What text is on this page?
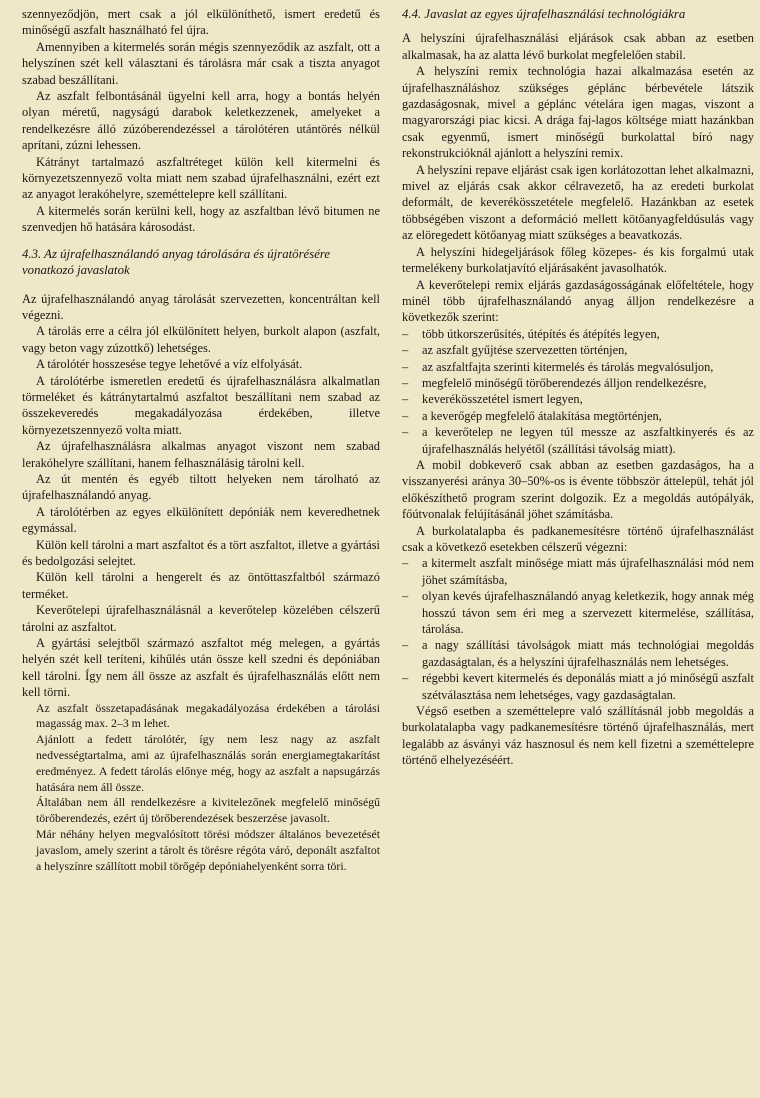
szennyeződjön, mert csak a jól elkülöníthető, ismert eredetű és minőségű aszfalt használható fel újra.
Amennyiben a kitermelés során mégis szennyeződik az aszfalt, ott a helyszínen szét kell választani és tárolásra már csak a tiszta anyagot szabad beszállítani.
Az aszfalt felbontásánál ügyelni kell arra, hogy a bontás helyén olyan méretű, nagyságú darabok keletkezzenek, amelyeket a rendelkezésre álló zúzóberendezéssel a tárolótéren utántörés nélkül aprítani, zúzni lehessen.
Kátrányt tartalmazó aszfaltréteget külön kell kitermelni és környezetszennyező volta miatt nem szabad újrafelhasználni, ezért ezt az anyagot lerakóhelyre, szeméttelepre kell szállítani.
A kitermelés során kerülni kell, hogy az aszfaltban lévő bitumen ne szenvedjen hő hatására károsodást.
4.3. Az újrafelhasználandó anyag tárolására és újratörésére vonatkozó javaslatok
Az újrafelhasználandó anyag tárolását szervezetten, koncentráltan kell végezni.
A tárolás erre a célra jól elkülönített helyen, burkolt alapon (aszfalt, vagy beton vagy zúzottkő) lehetséges.
A tárolótér hosszesése tegye lehetővé a víz elfolyását.
A tárolótérbe ismeretlen eredetű és újrafelhasználásra alkalmatlan törmeléket és kátránytartalmú aszfaltot beszállítani nem szabad az összekeveredés megakadályozása érdekében, illetve környezetszennyező volta miatt.
Az újrafelhasználásra alkalmas anyagot viszont nem szabad lerakóhelyre szállítani, hanem felhasználásig tárolni kell.
Az út mentén és egyéb tiltott helyeken nem tárolható az újrafelhasználandó anyag.
A tárolótérben az egyes elkülönített depóniák nem keveredhetnek egymással.
Külön kell tárolni a mart aszfaltot és a tört aszfaltot, illetve a gyártási és bedolgozási selejtet.
Külön kell tárolni a hengerelt és az öntöttaszfaltból származó terméket.
Keverőtelepi újrafelhasználásnál a keverőtelep közelében célszerű tárolni az aszfaltot.
A gyártási selejtből származó aszfaltot még melegen, a gyártás helyén szét kell teríteni, kihűlés után össze kell szedni és depóniában kell tárolni. Így nem áll össze az aszfalt és újrafelhasználás előtt nem kell törni.
Az aszfalt összetapadásának megakadályozása érdekében a tárolási magasság max. 2–3 m lehet.
Ajánlott a fedett tárolótér, így nem lesz nagy az aszfalt nedvességtartalma, ami az újrafelhasználás során energiamegtakarítást eredményez. A fedett tárolás előnye még, hogy az aszfalt a napsugárzás hatására nem áll össze.
Általában nem áll rendelkezésre a kivitelezőnek megfelelő minőségű törőberendezés, ezért új törőberendezések beszerzése javasolt.
Már néhány helyen megvalósított törési módszer általános bevezetését javaslom, amely szerint a tárolt és törésre régóta váró, deponált aszfaltot a helyszínre szállított mobil törőgép depóniahelyenként sorra töri.
4.4. Javaslat az egyes újrafelhasználási technológiákra
A helyszíni újrafelhasználási eljárások csak abban az esetben alkalmasak, ha az alatta lévő burkolat megfelelően stabil.
A helyszíni remix technológia hazai alkalmazása esetén az újrafelhasználáshoz szükséges géplánc bérbevétele látszik gazdaságosnak, mivel a géplánc vételára igen magas, viszont a magyarországi piac kicsi. A drága faj-lagos költsége miatt hazánkban csak egyenmű, ismert minőségű burkolattal bíró nagy rekonstrukcióknál ajánlott a helyszíni remix.
A helyszíni repave eljárást csak igen korlátozottan lehet alkalmazni, mivel az eljárás csak akkor célravezető, ha az eredeti burkolat deformált, de keverékösszetétele megfelelő. Hazánkban az esetek többségében viszont a deformáció mellett kötőanyagfeldúsulás vagy az elöregedett kötőanyag miatt szükséges a beavatkozás.
A helyszíni hidegeljárások főleg közepes- és kis forgalmú utak termelékeny burkolatjavító eljárásaként javasolhatók.
A keverőtelepi remix eljárás gazdaságosságának előfeltétele, hogy minél több újrafelhasználandó anyag álljon rendelkezésre a következők szerint:
– több útkorszerűsítés, útépítés és átépítés legyen,
– az aszfalt gyűjtése szervezetten történjen,
– az aszfaltfajta szerinti kitermelés és tárolás megvalósuljon,
– megfelelő minőségű törőberendezés álljon rendelkezésre,
– keverékösszetétel ismert legyen,
– a keverőgép megfelelő átalakítása megtörténjen,
– a keverőtelep ne legyen túl messze az aszfaltkinyerés és az újrafelhasználás helyétől (szállítási távolság miatt).
A mobil dobkeverő csak abban az esetben gazdaságos, ha a visszanyerési aránya 30–50%-os is évente többször áttelepül, tehát jól előkészíthető program szerint dolgozik. Ez a megoldás autópályák, főútvonalak felújításánál jöhet számításba.
A burkolatalapba és padkanemesítésre történő újrafelhasználást csak a következő esetekben célszerű végezni:
– a kitermelt aszfalt minősége miatt más újrafelhasználási mód nem jöhet számításba,
– olyan kevés újrafelhasználandó anyag keletkezik, hogy annak még hosszú távon sem éri meg a szervezett kitermelése, szállítása, tárolása.
– a nagy szállítási távolságok miatt más technológiai megoldás gazdaságtalan, és a helyszíni újrafelhasználás nem lehetséges.
– régebbi kevert kitermelés és deponálás miatt a jó minőségű aszfalt szétválasztása nem lehetséges, vagy gazdaságtalan.
Végső esetben a szeméttelepre való szállításnál jobb megoldás a burkolatalapba vagy padkanemesítésre történő újrafelhasználás, mert legalább az ásványi váz hasznosul és nem kell fizetni a szeméttelepre történő elhelyezéséért.
